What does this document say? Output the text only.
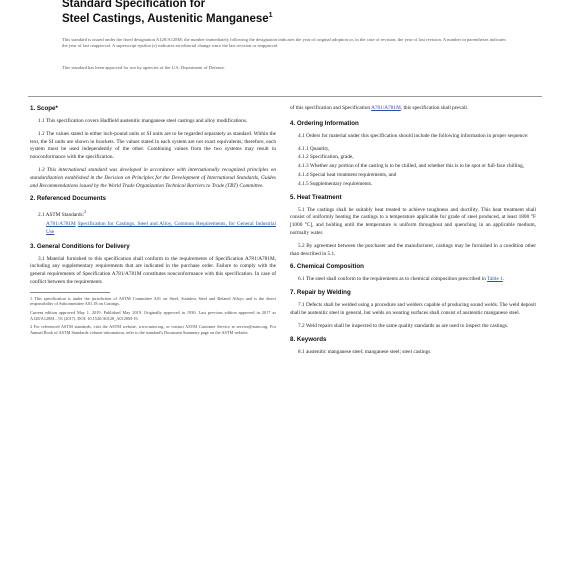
Standard Specification for
Steel Castings, Austenitic Manganese$^1$
This standard is issued under the fixed designation A128/A128M; the number immediately following the designation indicates the year of original adoption or, in the case of revision, the year of last revision. A number in parentheses indicates the year of last reapproval. A superscript epsilon (ε) indicates an editorial change since the last revision or reapproval.
This standard has been approved for use by agencies of the U.S. Department of Defense.
1. Scope*

1.1 This specification covers Hadfield austenitic manganese steel castings and alloy modifications.

1.2 The values stated in either inch-pound units or SI units are to be regarded separately as standard. Within the text, the SI units are shown in brackets. The values stated in each system are not exact equivalents; therefore, each system must be used independently of the other. Combining values from the two systems may result in nonconformance with the specification.

1.3 This international standard was developed in accordance with internationally recognized principles on standardization established in the Decision on Principles for the Development of International Standards, Guides and Recommendations issued by the World Trade Organization Technical Barriers to Trade (TBT) Committee.

2. Referenced Documents

2.1 ASTM Standards:$^2$

A781/A781M Specification for Castings, Steel and Alloy, Common Requirements, for General Industrial Use

3. General Conditions for Delivery

3.1 Material furnished to this specification shall conform to the requirements of Specification A781/A781M, including any supplementary requirements that are indicated in the purchase order. Failure to comply with the general requirements of Specification A781/A781M constitutes nonconformance with this specification. In case of conflict between the requirements

1 This specification is under the jurisdiction of ASTM Committee A01 on Steel, Stainless Steel and Related Alloys and is the direct responsibility of Subcommittee A01.18 on Castings.

Current edition approved May 1, 2019. Published May 2019. Originally approved in 1930. Last previous edition approved in 2017 as A128/A128M – 93 (2017). DOI: 10.1520/A0128_A0128M-19.

2 For referenced ASTM standards, visit the ASTM website, www.astm.org, or contact ASTM Customer Service at service@astm.org. For Annual Book of ASTM Standards volume information, refer to the standard's Document Summary page on the ASTM website.

of this specification and Specification A781/A781M, this specification shall prevail.

4. Ordering Information

4.1 Orders for material under this specification should include the following information in proper sequence:

4.1.1 Quantity,

4.1.2 Specification, grade,

4.1.3 Whether any portion of the casting is to be chilled, and whether this is to be spot or full-face chilling,

4.1.4 Special heat treatment requirements, and

4.1.5 Supplementary requirements.

5. Heat Treatment

5.1 The castings shall be suitably heat treated to achieve toughness and ductility. This heat treatment shall consist of uniformly heating the castings to a temperature applicable for grade of steel produced, at least 1800 °F [1000 °C], and holding until the temperature is uniform throughout and quenching in an applicable medium, normally water.

5.2 By agreement between the purchaser and the manufacturer, castings may be furnished in a condition other than described in 5.1.

6. Chemical Composition

6.1 The steel shall conform to the requirements as to chemical composition prescribed in Table 1.

7. Repair by Welding

7.1 Defects shall be welded using a procedure and welders capable of producing sound welds. The weld deposit shall be austenitic steel in general, but welds on wearing surfaces shall consist of austenitic manganese steel.

7.2 Weld repairs shall be inspected to the same quality standards as are used to inspect the castings.

8. Keywords

8.1 austenitic manganese steel; manganese steel; steel castings
